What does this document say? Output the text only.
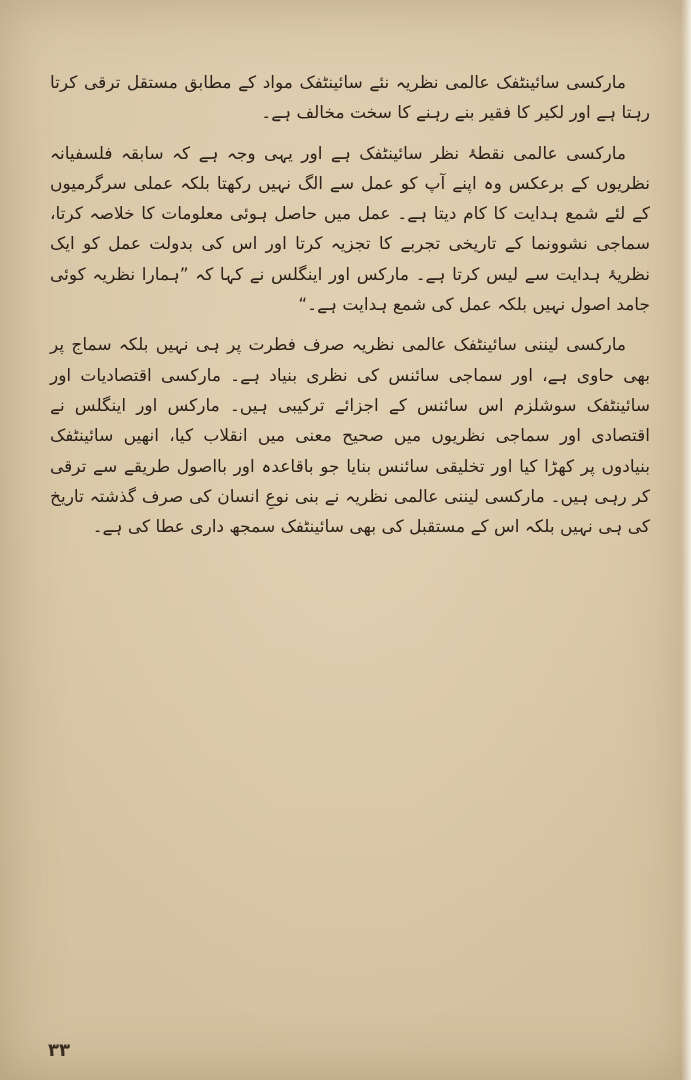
مارکسی سائینٹفک عالمی نظریہ نئے سائینٹفک مواد کے مطابق مستقل ترقی کرتا رہتا ہے اور لکیر کا فقیر بنے رہنے کا سخت مخالف ہے۔

مارکسی عالمی نقطۂ نظر سائینٹفک ہے اور یہی وجہ ہے کہ سابقہ فلسفیانہ نظریوں کے برعکس وہ اپنے آپ کو عمل سے الگ نہیں رکھتا بلکہ عملی سرگرمیوں کے لئے شمع ہدایت کا کام دیتا ہے۔ عمل میں حاصل ہوئی معلومات کا خلاصہ کرتا، سماجی نشوونما کے تاریخی تجربے کا تجزیہ کرتا اور اس کی بدولت عمل کو ایک نظریۂ ہدایت سے لیس کرتا ہے۔ مارکس اور اینگلس نے کہا کہ ”ہمارا نظریہ کوئی جامد اصول نہیں بلکہ عمل کی شمع ہدایت ہے۔“

مارکسی لیننی سائینٹفک عالمی نظریہ صرف فطرت پر ہی نہیں بلکہ سماج پر بھی حاوی ہے، اور سماجی سائنس کی نظری بنیاد ہے۔ مارکسی اقتصادیات اور سائینٹفک سوشلزم اس سائنس کے اجزائے ترکیبی ہیں۔ مارکس اور اینگلس نے اقتصادی اور سماجی نظریوں میں صحیح معنی میں انقلاب کیا، انھیں سائینٹفک بنیادوں پر کھڑا کیا اور تخلیقی سائنس بنایا جو باقاعدہ اور بااصول طریقے سے ترقی کر رہی ہیں۔ مارکسی لیننی عالمی نظریہ نے بنی نوعِ انسان کی صرف گذشتہ تاریخ کی ہی نہیں بلکہ اس کے مستقبل کی بھی سائینٹفک سمجھ داری عطا کی ہے۔

۳۳
